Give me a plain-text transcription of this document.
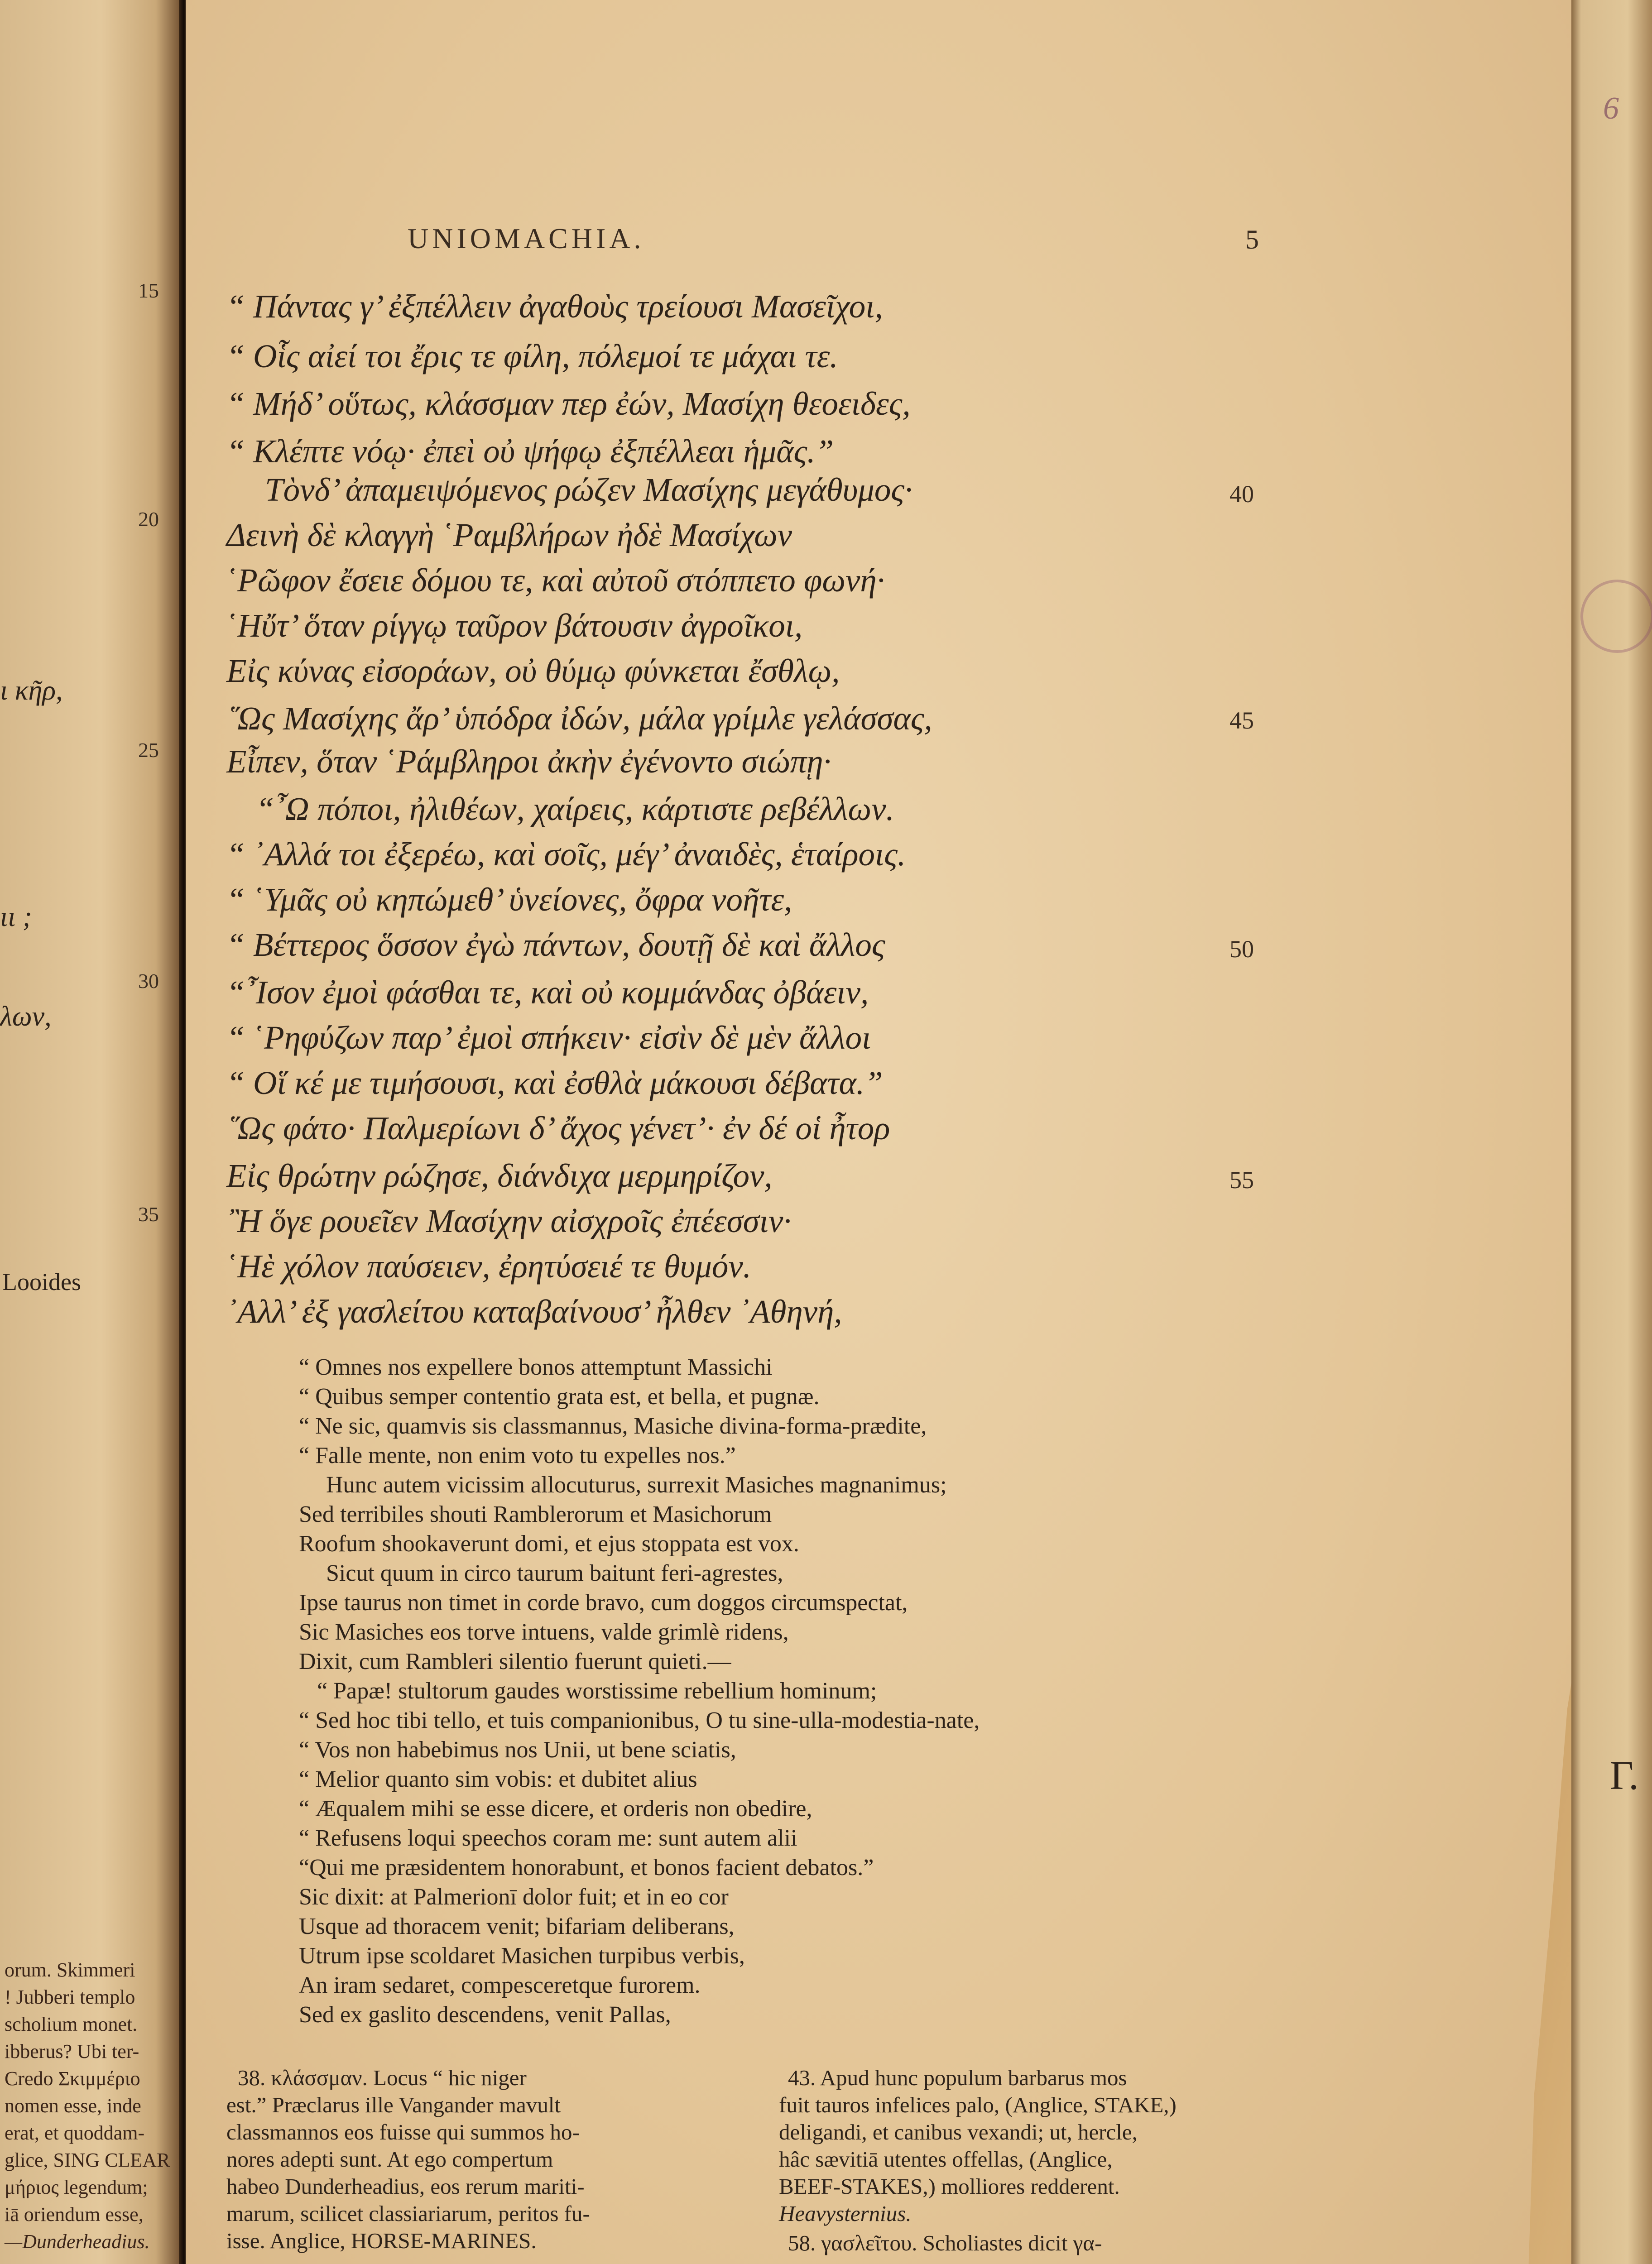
15
20
25
30
35
ι κῆρ,
ιι ;
λων,
Looides
orum. Skimmeri
! Jubberi templo
scholium monet.
ibberus? Ubi ter-
Credo Σκιμμέριο
nomen esse, inde
erat, et quoddam-
glice, SING CLEAR
μήριος legendum;
iā oriendum esse,
—Dunderheadius.
6
Γ.
UNIOMACHIA.	5
“ Πάντας γ’ ἐξπέλλειν ἀγαθοὺς τρείουσι Μασεῖχοι,
“ Οἷς αἰεί τοι ἔρις τε φίλη, πόλεμοί τε μάχαι τε.
“ Μήδ’ οὕτως, κλάσσμαν περ ἐών, Μασίχη θεοειδες,
“ Κλέπτε νόῳ· ἐπεὶ οὐ ψήφῳ ἐξπέλλεαι ἡμᾶς.”
Τὸνδ’ ἀπαμειψόμενος ρώζεν Μασίχης μεγάθυμος·
Δεινὴ δὲ κλαγγὴ ῾Ραμβλήρων ἠδὲ Μασίχων
῾Ρῶφον ἔσειε δόμου τε, καὶ αὐτοῦ στόππετο φωνή·
῾Ηὔτ’ ὅταν ρίγγῳ ταῦρον βάτουσιν ἀγροῖκοι,
Εἰς κύνας εἰσοράων, οὐ θύμῳ φύνκεται ἔσθλῳ,
῞Ως Μασίχης ἄρ’ ὑπόδρα ἰδών, μάλα γρίμλε γελάσσας,
Εἶπεν, ὅταν ῾Ράμβληροι ἀκὴν ἐγένοντο σιώπῃ·
“῏Ω πόποι, ἠλιθέων, χαίρεις, κάρτιστε ρεβέλλων.
“ ᾿Αλλά τοι ἐξερέω, καὶ σοῖς, μέγ’ ἀναιδὲς, ἑταίροις.
“ ῾Υμᾶς οὐ κηπώμεθ’ ὑνείονες, ὄφρα νοῆτε,
“ Βέττερος ὅσσον ἐγὼ πάντων, δουτῇ δὲ καὶ ἄλλος
“῏Ισον ἐμοὶ φάσθαι τε, καὶ οὐ κομμάνδας ὀβάειν,
“ ῾Ρηφύζων παρ’ ἐμοὶ σπήκειν· εἰσὶν δὲ μὲν ἄλλοι
“ Οἵ κέ με τιμήσουσι, καὶ ἐσθλὰ μάκουσι δέβατα.”
῞Ως φάτο· Παλμερίωνι δ’ ἄχος γένετ’· ἐν δέ οἱ ἦτορ
Εἰς θρώτην ρώζησε, διάνδιχα μερμηρίζον,
῍Η ὅγε ρουεῖεν Μασίχην αἰσχροῖς ἐπέεσσιν·
῾Ηὲ χόλον παύσειεν, ἐρητύσειέ τε θυμόν.
᾿Αλλ’ ἐξ γασλείτου καταβαίνουσ’ ἦλθεν ᾿Αθηνή,
40
45
50
55
“ Omnes nos expellere bonos attemptunt Massichi
“ Quibus semper contentio grata est, et bella, et pugnæ.
“ Ne sic, quamvis sis classmannus, Masiche divina-forma-prædite,
“ Falle mente, non enim voto tu expelles nos.”
Hunc autem vicissim allocuturus, surrexit Masiches magnanimus;
Sed terribiles shouti Ramblerorum et Masichorum
Roofum shookaverunt domi, et ejus stoppata est vox.
Sicut quum in circo taurum baitunt feri-agrestes,
Ipse taurus non timet in corde bravo, cum doggos circumspectat,
Sic Masiches eos torve intuens, valde grimlè ridens,
Dixit, cum Rambleri silentio fuerunt quieti.—
“ Papæ! stultorum gaudes worstissime rebellium hominum;
“ Sed hoc tibi tello, et tuis companionibus, O tu sine-ulla-modestia-nate,
“ Vos non habebimus nos Unii, ut bene sciatis,
“ Melior quanto sim vobis: et dubitet alius
“ Æqualem mihi se esse dicere, et orderis non obedire,
“ Refusens loqui speechos coram me: sunt autem alii
“Qui me præsidentem honorabunt, et bonos facient debatos.”
Sic dixit: at Palmerionī dolor fuit; et in eo cor
Usque ad thoracem venit; bifariam deliberans,
Utrum ipse scoldaret Masichen turpibus verbis,
An iram sedaret, compesceretque furorem.
Sed ex gaslito descendens, venit Pallas,
38. κλάσσμαν. Locus “ hic niger
est.” Præclarus ille Vangander mavult
classmannos eos fuisse qui summos ho-
nores adepti sunt. At ego compertum
habeo Dunderheadius, eos rerum mariti-
marum, scilicet classiariarum, peritos fu-
isse. Anglice, HORSE-MARINES.
43. Apud hunc populum barbarus mos
fuit tauros infelices palo, (Anglice, STAKE,)
deligandi, et canibus vexandi; ut, hercle,
hâc sævitiā utentes offellas, (Anglice,
BEEF-STAKES,) molliores redderent.
Heavysternius.
58. γασλεῖτου. Scholiastes dicit γα-
